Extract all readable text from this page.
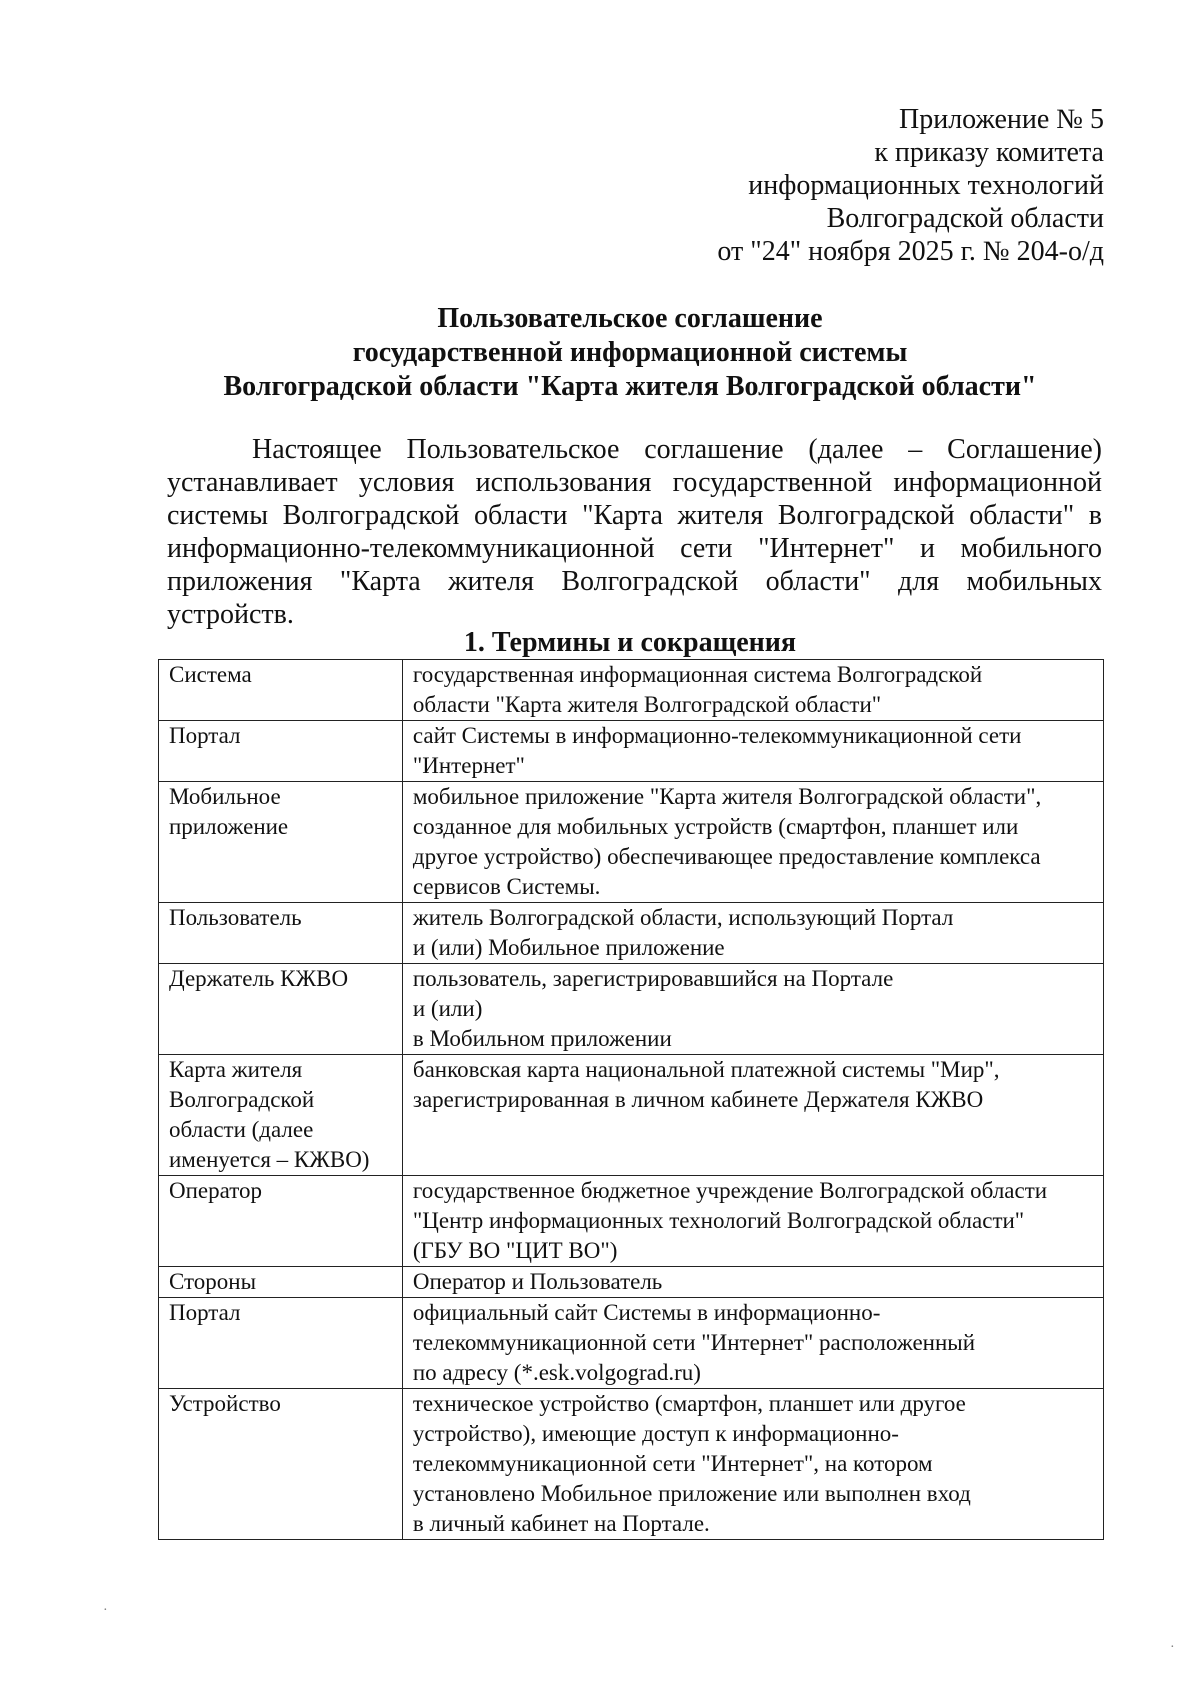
Приложение № 5
к приказу комитета
информационных технологий
Волгоградской области
от "24" ноября 2025 г. № 204-о/д
Пользовательское соглашение
государственной информационной системы
Волгоградской области "Карта жителя Волгоградской области"

Настоящее Пользовательское соглашение (далее – Соглашение) устанавливает условия использования государственной информационной системы Волгоградской области "Карта жителя Волгоградской области" в информационно-телекоммуникационной сети "Интернет" и мобильного приложения "Карта жителя Волгоградской области" для мобильных устройств.

1. Термины и сокращения
Система	государственная информационная система Волгоградской
области "Карта жителя Волгоградской области"

Портал	сайт Системы в информационно-телекоммуникационной сети
"Интернет"

Мобильное
приложение	мобильное приложение "Карта жителя Волгоградской области",
созданное для мобильных устройств (смартфон, планшет или
другое устройство) обеспечивающее предоставление комплекса
сервисов Системы.

Пользователь	житель Волгоградской области, использующий Портал
и (или) Мобильное приложение

Держатель КЖВО	пользователь, зарегистрировавшийся на Портале
и (или)
в Мобильном приложении

Карта жителя
Волгоградской
области (далее
именуется – КЖВО)	банковская карта национальной платежной системы "Мир",
зарегистрированная в личном кабинете Держателя КЖВО

Оператор	государственное бюджетное учреждение Волгоградской области
"Центр информационных технологий Волгоградской области"
(ГБУ ВО "ЦИТ ВО")

Стороны	Оператор и Пользователь

Портал	официальный сайт Системы в информационно-
телекоммуникационной сети "Интернет" расположенный
по адресу (*.esk.volgograd.ru)

Устройство	техническое устройство (смартфон, планшет или другое
устройство), имеющие доступ к информационно-
телекоммуникационной сети "Интернет", на котором
установлено Мобильное приложение или выполнен вход
в личный кабинет на Портале.
·
·
